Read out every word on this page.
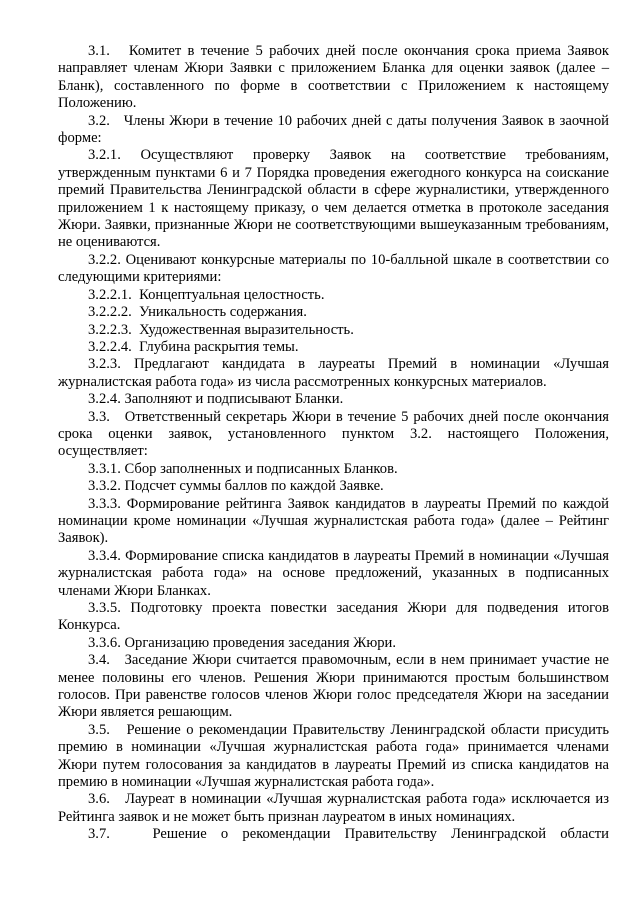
3.1.   Комитет в течение 5 рабочих дней после окончания срока приема Заявок направляет членам Жюри Заявки с приложением Бланка для оценки заявок (далее – Бланк), составленного по форме в соответствии с Приложением к настоящему Положению.

3.2.   Члены Жюри в течение 10 рабочих дней с даты получения Заявок в заочной форме:

3.2.1. Осуществляют проверку Заявок на соответствие требованиям, утвержденным пунктами 6 и 7 Порядка проведения ежегодного конкурса на соискание премий Правительства Ленинградской области в сфере журналистики, утвержденного приложением 1 к настоящему приказу, о чем делается отметка в протоколе заседания Жюри. Заявки, признанные Жюри не соответствующими вышеуказанным требованиям, не оцениваются.

3.2.2. Оценивают конкурсные материалы по 10-балльной шкале в соответствии со следующими критериями:

3.2.2.1.  Концептуальная целостность.

3.2.2.2.  Уникальность содержания.

3.2.2.3.  Художественная выразительность.

3.2.2.4.  Глубина раскрытия темы.

3.2.3. Предлагают кандидата в лауреаты Премий в номинации «Лучшая журналистская работа года» из числа рассмотренных конкурсных материалов.

3.2.4. Заполняют и подписывают Бланки.

3.3.   Ответственный секретарь Жюри в течение 5 рабочих дней после окончания срока оценки заявок, установленного пунктом 3.2. настоящего Положения, осуществляет:

3.3.1. Сбор заполненных и подписанных Бланков.

3.3.2. Подсчет суммы баллов по каждой Заявке.

3.3.3. Формирование рейтинга Заявок кандидатов в лауреаты Премий по каждой номинации кроме номинации «Лучшая журналистская работа года» (далее – Рейтинг Заявок).

3.3.4. Формирование списка кандидатов в лауреаты Премий в номинации «Лучшая журналистская работа года» на основе предложений, указанных в подписанных членами Жюри Бланках.

3.3.5. Подготовку проекта повестки заседания Жюри для подведения итогов Конкурса.

3.3.6. Организацию проведения заседания Жюри.

3.4.   Заседание Жюри считается правомочным, если в нем принимает участие не менее половины его членов. Решения Жюри принимаются простым большинством голосов. При равенстве голосов членов Жюри голос председателя Жюри на заседании Жюри является решающим.

3.5.   Решение о рекомендации Правительству Ленинградской области присудить премию в номинации «Лучшая журналистская работа года» принимается членами Жюри путем голосования за кандидатов в лауреаты Премий из списка кандидатов на премию в номинации «Лучшая журналистская работа года».

3.6.   Лауреат в номинации «Лучшая журналистская работа года» исключается из Рейтинга заявок и не может быть признан лауреатом в иных номинациях.

3.7.   Решение о рекомендации Правительству Ленинградской области
